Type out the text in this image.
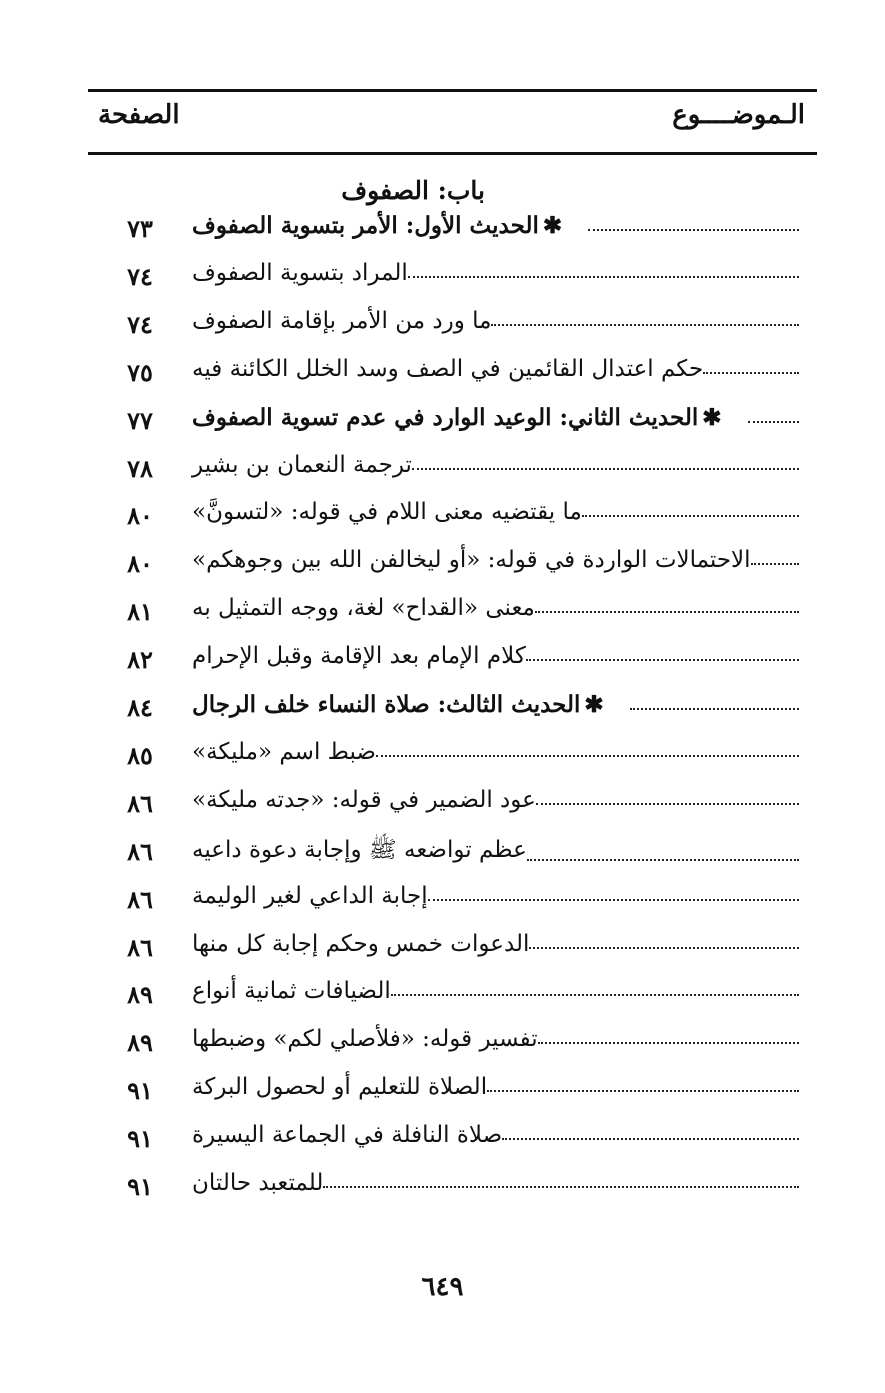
الـموضــــوع
الصفحة
باب: الصفوف
٧٣	✱الحديث الأول: الأمر بتسوية الصفوف
٧٤	المراد بتسوية الصفوف
٧٤	ما ورد من الأمر بإقامة الصفوف
٧٥	حكم اعتدال القائمين في الصف وسد الخلل الكائنة فيه
٧٧	✱الحديث الثاني: الوعيد الوارد في عدم تسوية الصفوف
٧٨	ترجمة النعمان بن بشير
٨٠	ما يقتضيه معنى اللام في قوله: «لتسونَّ»
٨٠	الاحتمالات الواردة في قوله: «أو ليخالفن الله بين وجوهكم»
٨١	معنى «القداح» لغة، ووجه التمثيل به
٨٢	كلام الإمام بعد الإقامة وقبل الإحرام
٨٤	✱الحديث الثالث: صلاة النساء خلف الرجال
٨٥	ضبط اسم «مليكة»
٨٦	عود الضمير في قوله: «جدته مليكة»
٨٦	عظم تواضعه ﷺ وإجابة دعوة داعيه
٨٦	إجابة الداعي لغير الوليمة
٨٦	الدعوات خمس وحكم إجابة كل منها
٨٩	الضيافات ثمانية أنواع
٨٩	تفسير قوله: «فلأصلي لكم» وضبطها
٩١	الصلاة للتعليم أو لحصول البركة
٩١	صلاة النافلة في الجماعة اليسيرة
٩١	للمتعبد حالتان
٦٤٩
